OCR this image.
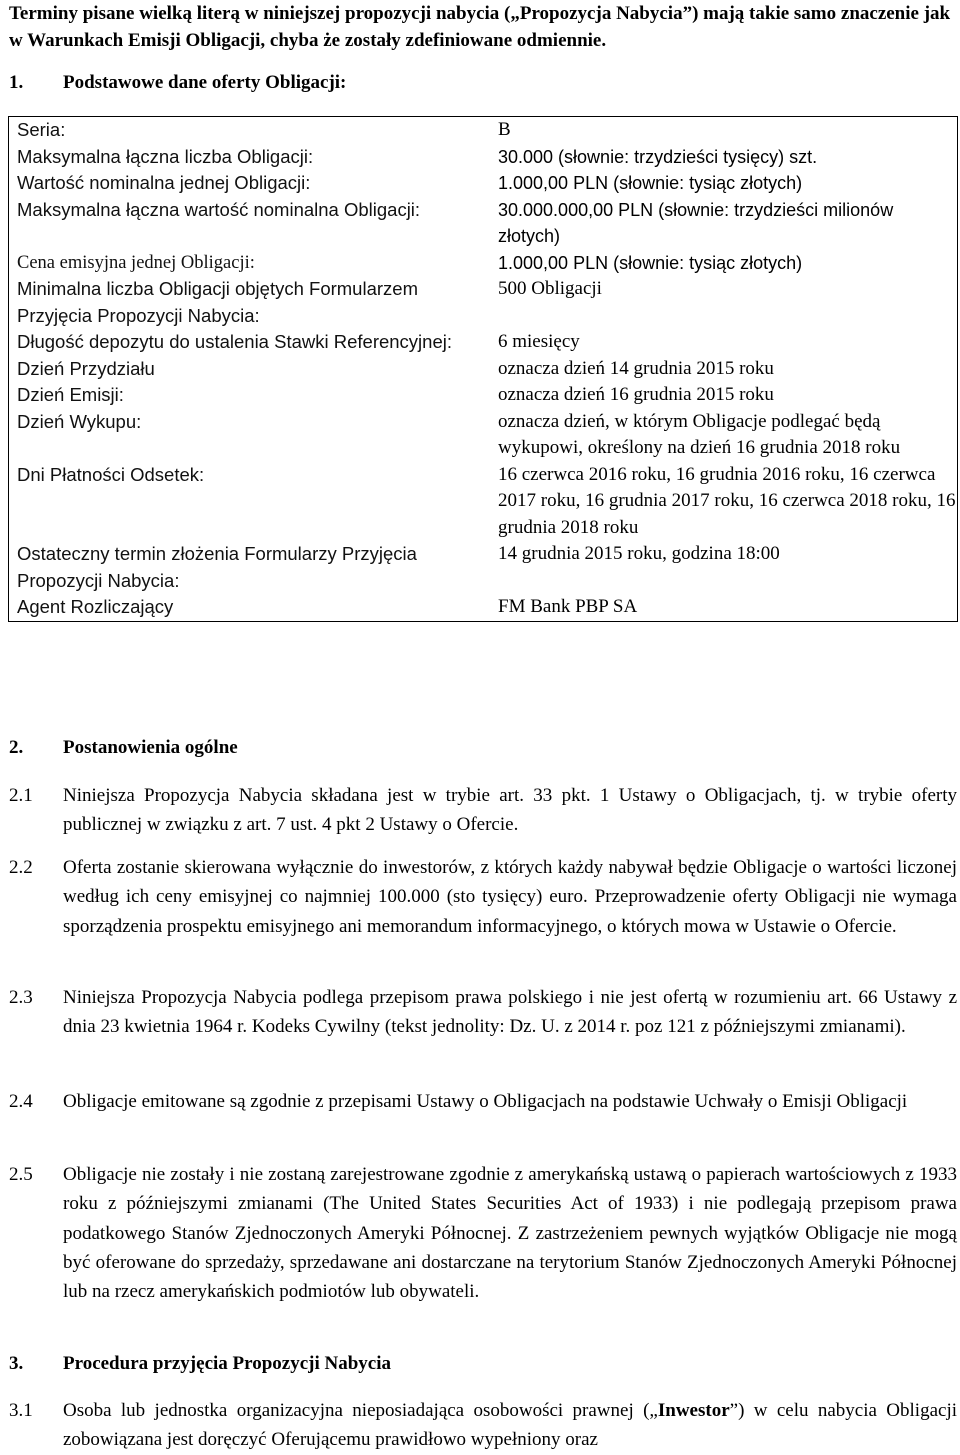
Terminy pisane wielką literą w niniejszej propozycji nabycia („Propozycja Nabycia”) mają takie samo znaczenie jak w Warunkach Emisji Obligacji, chyba że zostały zdefiniowane odmiennie.
1. Podstawowe dane oferty Obligacji:
Seria:	B
Maksymalna łączna liczba Obligacji:	30.000 (słownie: trzydzieści tysięcy) szt.
Wartość nominalna jednej Obligacji:	1.000,00 PLN (słownie: tysiąc złotych)
Maksymalna łączna wartość nominalna Obligacji:	30.000.000,00 PLN (słownie: trzydzieści milionów złotych)
Cena emisyjna jednej Obligacji:	1.000,00 PLN (słownie: tysiąc złotych)
Minimalna liczba Obligacji objętych Formularzem Przyjęcia Propozycji Nabycia:	500 Obligacji
Długość depozytu do ustalenia Stawki Referencyjnej:	6 miesięcy
Dzień Przydziału	oznacza dzień 14 grudnia 2015 roku
Dzień Emisji:	oznacza dzień 16 grudnia 2015 roku
Dzień Wykupu:	oznacza dzień, w którym Obligacje podlegać będą wykupowi, określony na dzień 16 grudnia 2018 roku
Dni Płatności Odsetek:	16 czerwca 2016 roku, 16 grudnia 2016 roku, 16 czerwca 2017 roku, 16 grudnia 2017 roku, 16 czerwca 2018 roku, 16 grudnia 2018 roku
Ostateczny termin złożenia Formularzy Przyjęcia Propozycji Nabycia:	14 grudnia 2015 roku, godzina 18:00
Agent Rozliczający	FM Bank PBP SA
2. Postanowienia ogólne
2.1 Niniejsza Propozycja Nabycia składana jest w trybie art. 33 pkt. 1 Ustawy o Obligacjach, tj. w trybie oferty publicznej w związku z art. 7 ust. 4 pkt 2 Ustawy o Ofercie.
2.2 Oferta zostanie skierowana wyłącznie do inwestorów, z których każdy nabywał będzie Obligacje o wartości liczonej według ich ceny emisyjnej co najmniej 100.000 (sto tysięcy) euro. Przeprowadzenie oferty Obligacji nie wymaga sporządzenia prospektu emisyjnego ani memorandum informacyjnego, o których mowa w Ustawie o Ofercie.
2.3 Niniejsza Propozycja Nabycia podlega przepisom prawa polskiego i nie jest ofertą w rozumieniu art. 66 Ustawy z dnia 23 kwietnia 1964 r. Kodeks Cywilny (tekst jednolity: Dz. U. z 2014 r. poz 121 z późniejszymi zmianami).
2.4 Obligacje emitowane są zgodnie z przepisami Ustawy o Obligacjach na podstawie Uchwały o Emisji Obligacji
2.5 Obligacje nie zostały i nie zostaną zarejestrowane zgodnie z amerykańską ustawą o papierach wartościowych z 1933 roku z późniejszymi zmianami (The United States Securities Act of 1933) i nie podlegają przepisom prawa podatkowego Stanów Zjednoczonych Ameryki Północnej. Z zastrzeżeniem pewnych wyjątków Obligacje nie mogą być oferowane do sprzedaży, sprzedawane ani dostarczane na terytorium Stanów Zjednoczonych Ameryki Północnej lub na rzecz amerykańskich podmiotów lub obywateli.
3. Procedura przyjęcia Propozycji Nabycia
3.1 Osoba lub jednostka organizacyjna nieposiadająca osobowości prawnej („Inwestor”) w celu nabycia Obligacji zobowiązana jest doręczyć Oferującemu prawidłowo wypełniony oraz
